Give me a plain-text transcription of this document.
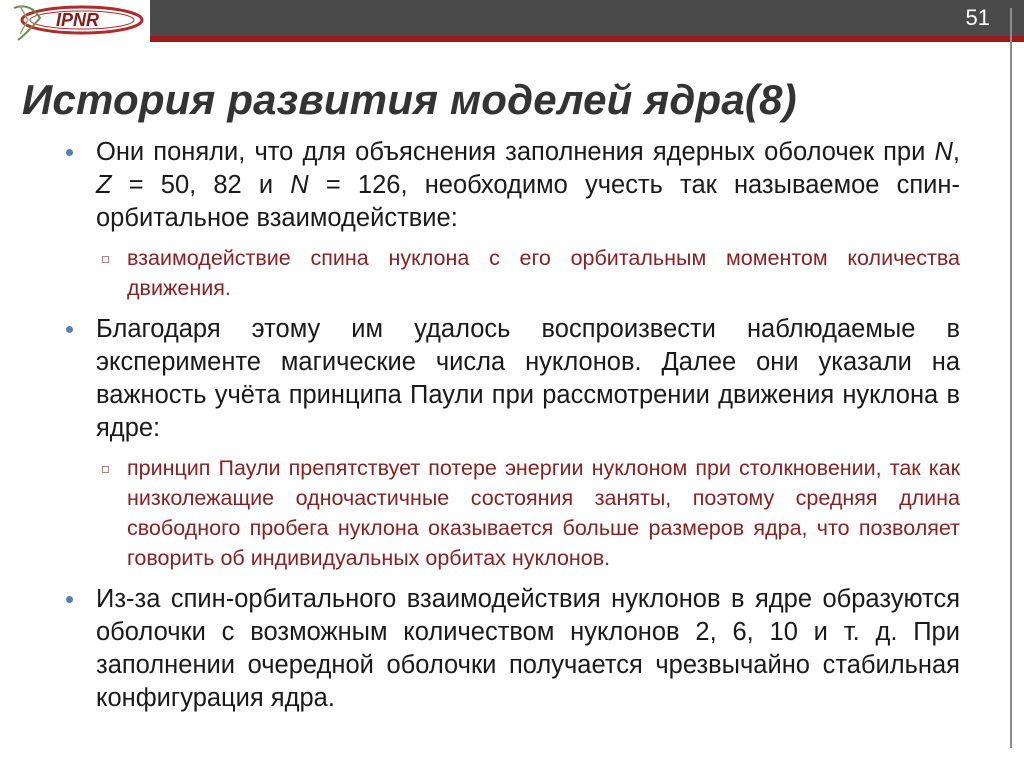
IPNR	51
История развития моделей ядра(8)
Они поняли, что для объяснения заполнения ядерных оболочек при N, Z = 50, 82 и N = 126, необходимо учесть так называемое спин-орбитальное взаимодействие:
взаимодействие спина нуклона с его орбитальным моментом количества движения.
Благодаря этому им удалось воспроизвести наблюдаемые в эксперименте магические числа нуклонов. Далее они указали на важность учёта принципа Паули при рассмотрении движения нуклона в ядре:
принцип Паули препятствует потере энергии нуклоном при столкновении, так как низколежащие одночастичные состояния заняты, поэтому средняя длина свободного пробега нуклона оказывается больше размеров ядра, что позволяет говорить об индивидуальных орбитах нуклонов.
Из-за спин-орбитального взаимодействия нуклонов в ядре образуются оболочки с возможным количеством нуклонов 2, 6, 10 и т. д. При заполнении очередной оболочки получается чрезвычайно стабильная конфигурация ядра.
